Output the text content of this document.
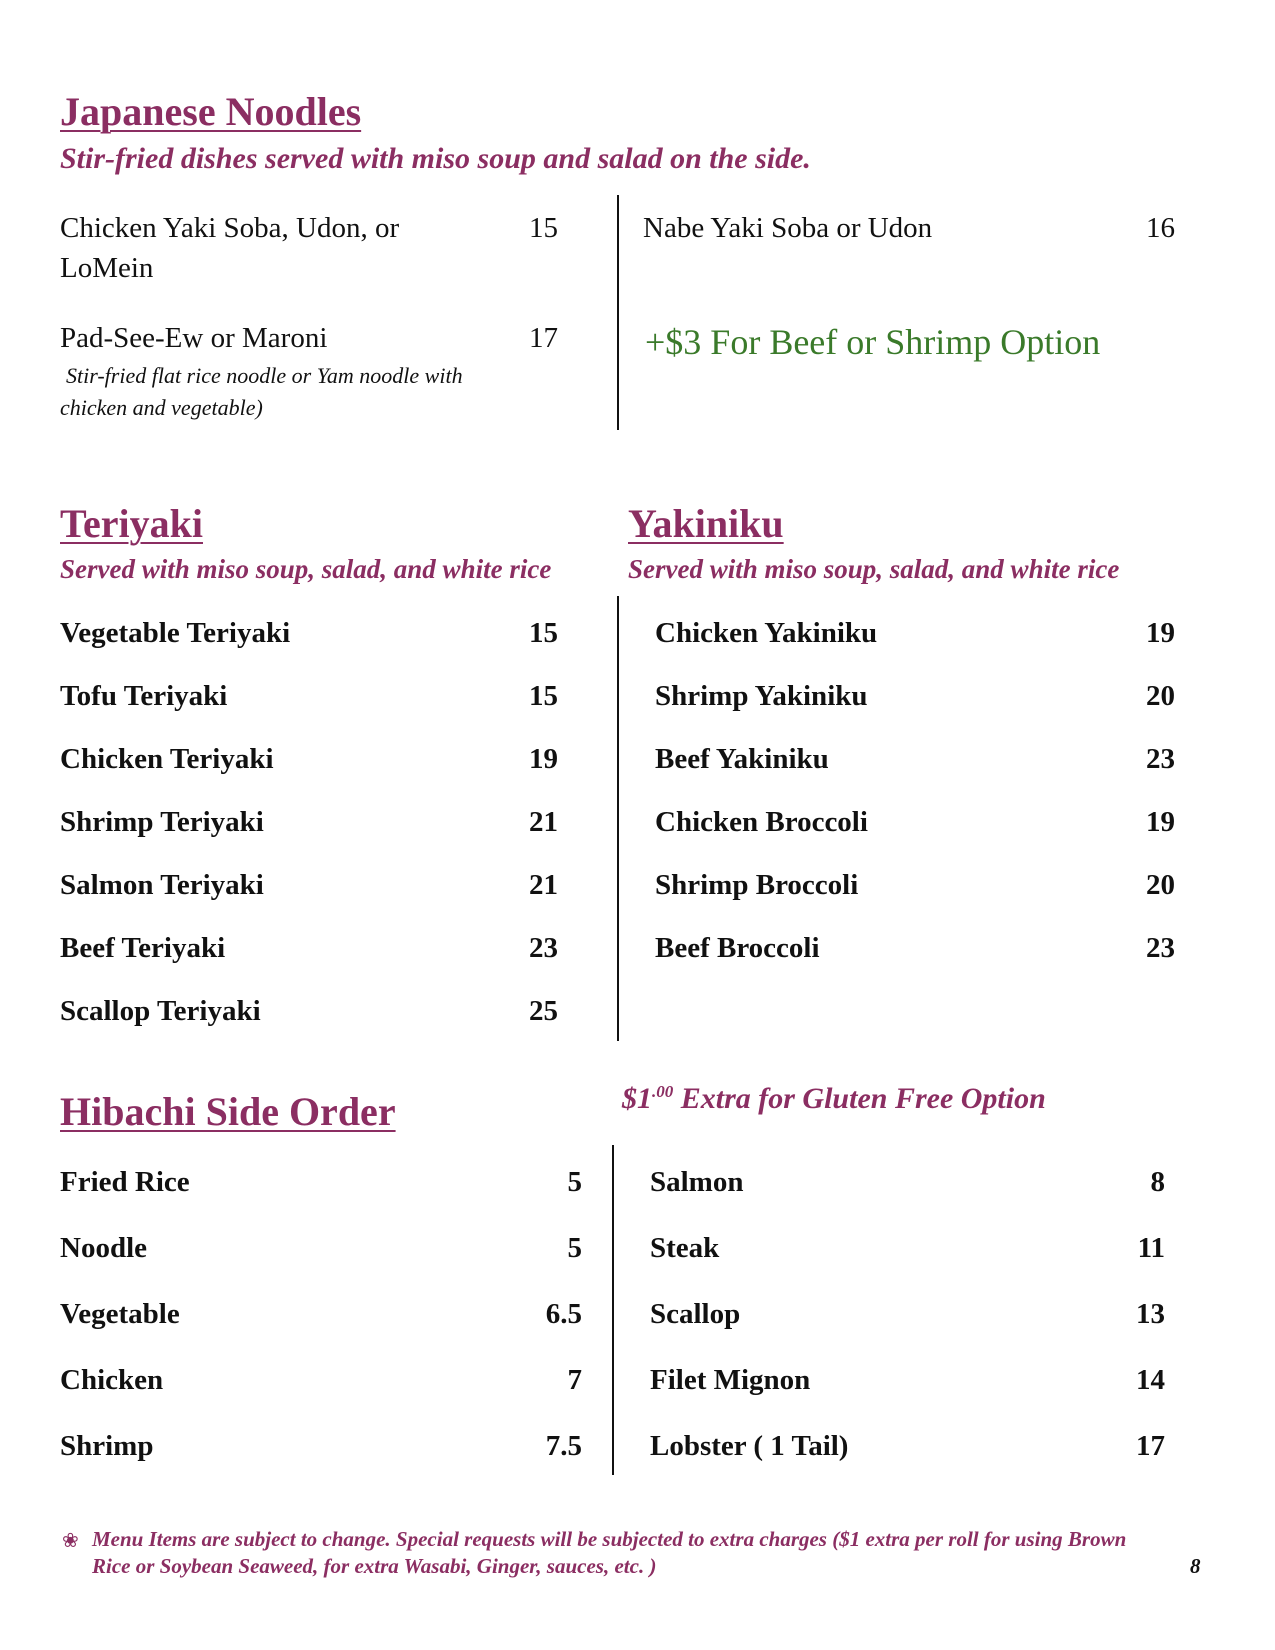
Japanese Noodles
Stir-fried dishes served with miso soup and salad on the side.
Chicken Yaki Soba, Udon, or LoMein
15
Pad-See-Ew or Maroni	17
Stir-fried flat rice noodle or Yam noodle with chicken and vegetable)
Nabe Yaki Soba or Udon	16
+$3 For Beef or Shrimp Option
Teriyaki
Served with miso soup, salad, and white rice
Vegetable Teriyaki	15
Tofu Teriyaki	15
Chicken Teriyaki	19
Shrimp Teriyaki	21
Salmon Teriyaki	21
Beef Teriyaki	23
Scallop Teriyaki	25
Yakiniku
Served with miso soup, salad, and white rice
Chicken Yakiniku	19
Shrimp Yakiniku	20
Beef Yakiniku	23
Chicken Broccoli	19
Shrimp Broccoli	20
Beef Broccoli	23
Hibachi Side Order	$\$1^{.00}$ Extra for Gluten Free Option
Fried Rice	5
Noodle	5
Vegetable	6.5
Chicken	7
Shrimp	7.5
Salmon	8
Steak	11
Scallop	13
Filet Mignon	14
Lobster ( 1 Tail)	17
❀ Menu Items are subject to change. Special requests will be subjected to extra charges ($1 extra per roll for using Brown
Rice or Soybean Seaweed, for extra Wasabi, Ginger, sauces, etc. )	8
